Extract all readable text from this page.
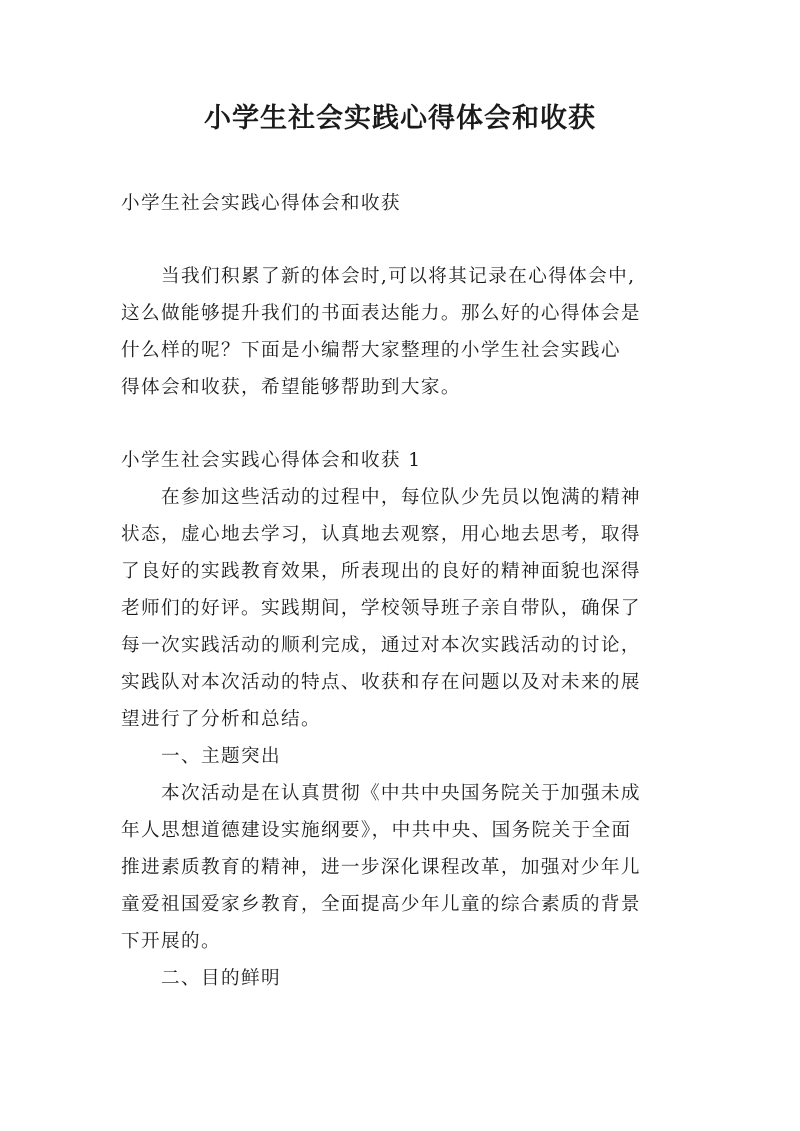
小学生社会实践心得体会和收获
小学生社会实践心得体会和收获
当我们积累了新的体会时,可以将其记录在心得体会中,
这么做能够提升我们的书面表达能力。那么好的心得体会是
什么样的呢？下面是小编帮大家整理的小学生社会实践心
得体会和收获，希望能够帮助到大家。
小学生社会实践心得体会和收获 1
在参加这些活动的过程中，每位队少先员以饱满的精神
状态，虚心地去学习，认真地去观察，用心地去思考，取得
了良好的实践教育效果，所表现出的良好的精神面貌也深得
老师们的好评。实践期间，学校领导班子亲自带队，确保了
每一次实践活动的顺利完成，通过对本次实践活动的讨论，
实践队对本次活动的特点、收获和存在问题以及对未来的展
望进行了分析和总结。
一、主题突出
本次活动是在认真贯彻《中共中央国务院关于加强未成
年人思想道德建设实施纲要》，中共中央、国务院关于全面
推进素质教育的精神，进一步深化课程改革，加强对少年儿
童爱祖国爱家乡教育，全面提高少年儿童的综合素质的背景
下开展的。
二、目的鲜明
